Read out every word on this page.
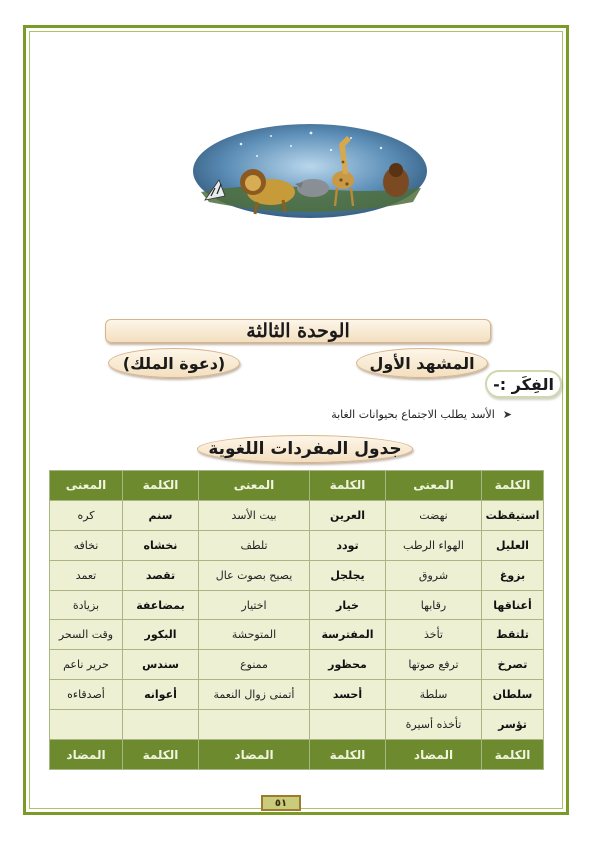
الوحدة الثالثة
المشهد الأول
(دعوة الملك)
الفِكَر :-
➤
الأسد يطلب الاجتماع بحيوانات الغابة
جدول المفردات اللغوية
الكلمة	المعنى	الكلمة	المعنى	الكلمة	المعنى
استيقظت	نهضت	العرين	بيت الأسد	سنم	كره
العليل	الهواء الرطب	تودد	تلطف	نخشاه	نخافه
بزوغ	شروق	يجلجل	يصيح بصوت عال	تقصد	تعمد
أعناقها	رقابها	خيار	اختيار	بمضاعفة	بزيادة
تلتقط	تأخذ	المفترسة	المتوحشة	البكور	وقت السحر
تصرخ	ترفع صوتها	محظور	ممنوع	سندس	حرير ناعم
سلطان	سلطة	أحسد	أتمنى زوال النعمة	أعوانه	أصدقاءه
تؤسر	تأخذه أسيرة				
الكلمة	المضاد	الكلمة	المضاد	الكلمة	المضاد
٥١
